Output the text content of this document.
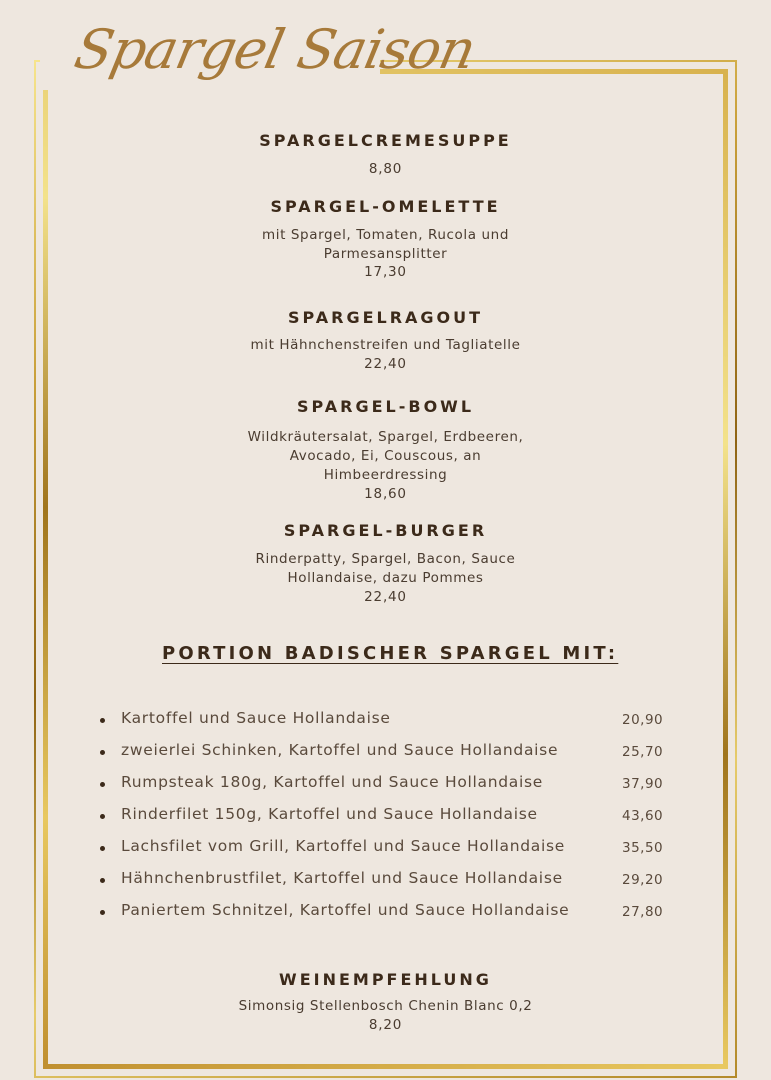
Spargel Saison
SPARGELCREMESUPPE
8,80
SPARGEL-OMELETTE
mit Spargel, Tomaten, Rucola und
Parmesansplitter
17,30
SPARGELRAGOUT
mit Hähnchenstreifen und Tagliatelle
22,40
SPARGEL-BOWL
Wildkräutersalat, Spargel, Erdbeeren,
Avocado, Ei, Couscous, an
Himbeerdressing
18,60
SPARGEL-BURGER
Rinderpatty, Spargel, Bacon, Sauce
Hollandaise, dazu Pommes
22,40
PORTION BADISCHER SPARGEL MIT:
Kartoffel und Sauce Hollandaise	20,90
zweierlei Schinken, Kartoffel und Sauce Hollandaise	25,70
Rumpsteak 180g, Kartoffel und Sauce Hollandaise	37,90
Rinderfilet 150g, Kartoffel und Sauce Hollandaise	43,60
Lachsfilet vom Grill, Kartoffel und Sauce Hollandaise	35,50
Hähnchenbrustfilet, Kartoffel und Sauce Hollandaise	29,20
Paniertem Schnitzel, Kartoffel und Sauce Hollandaise	27,80
WEINEMPFEHLUNG
Simonsig Stellenbosch Chenin Blanc 0,2
8,20
